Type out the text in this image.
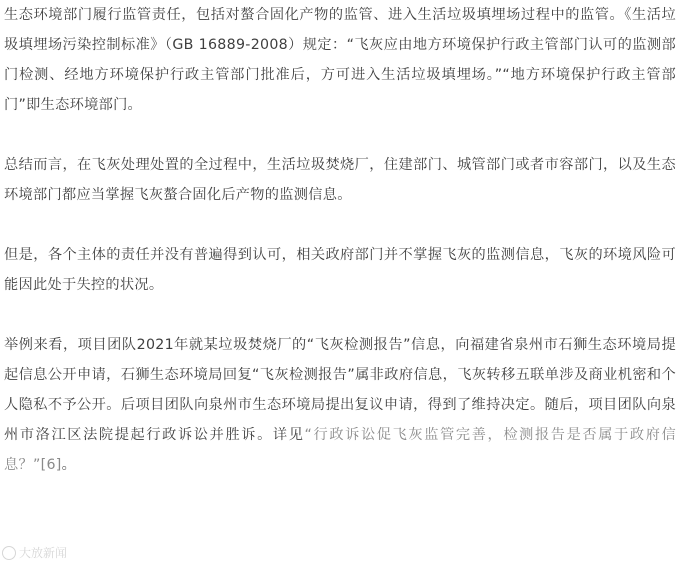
生态环境部门履行监管责任，包括对螯合固化产物的监管、进入生活垃圾填埋场过程中的监管。《生活垃圾填埋场污染控制标准》（GB 16889-2008）规定：“飞灰应由地方环境保护行政主管部门认可的监测部门检测、经地方环境保护行政主管部门批准后，方可进入生活垃圾填埋场。”“地方环境保护行政主管部门”即生态环境部门。

总结而言，在飞灰处理处置的全过程中，生活垃圾焚烧厂，住建部门、城管部门或者市容部门，以及生态环境部门都应当掌握飞灰螯合固化后产物的监测信息。

但是，各个主体的责任并没有普遍得到认可，相关政府部门并不掌握飞灰的监测信息，飞灰的环境风险可能因此处于失控的状况。

举例来看，项目团队2021年就某垃圾焚烧厂的“飞灰检测报告”信息，向福建省泉州市石狮生态环境局提起信息公开申请，石狮生态环境局回复“飞灰检测报告”属非政府信息，飞灰转移五联单涉及商业机密和个人隐私不予公开。后项目团队向泉州市生态环境局提出复议申请，得到了维持决定。随后，项目团队向泉州市洛江区法院提起行政诉讼并胜诉。详见“行政诉讼促飞灰监管完善，检测报告是否属于政府信息？”[6]。

大放新闻
